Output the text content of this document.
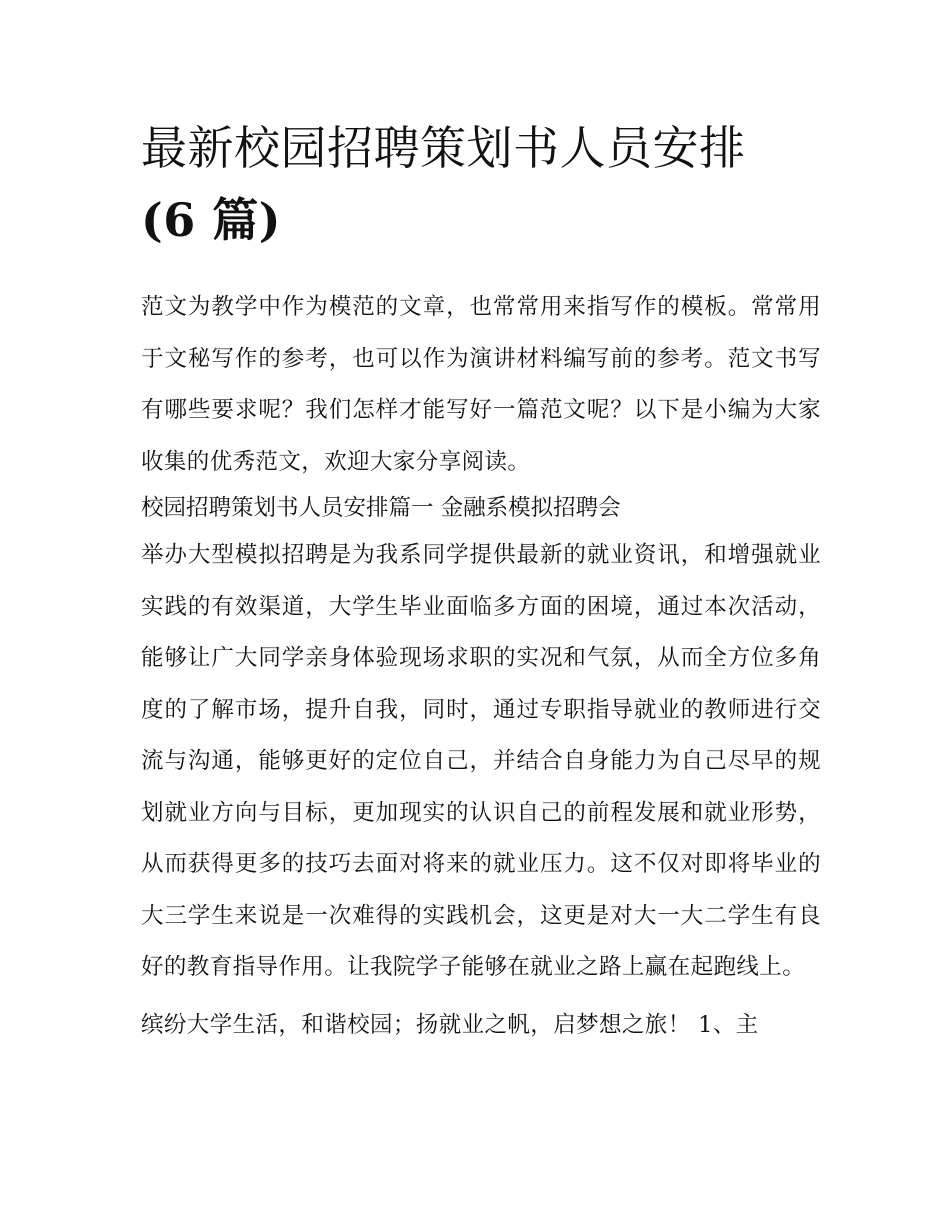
最新校园招聘策划书人员安排
(6 篇)

范文为教学中作为模范的文章，也常常用来指写作的模板。常常用于文秘写作的参考，也可以作为演讲材料编写前的参考。范文书写有哪些要求呢？我们怎样才能写好一篇范文呢？以下是小编为大家收集的优秀范文，欢迎大家分享阅读。

校园招聘策划书人员安排篇一 金融系模拟招聘会

举办大型模拟招聘是为我系同学提供最新的就业资讯，和增强就业实践的有效渠道，大学生毕业面临多方面的困境，通过本次活动，能够让广大同学亲身体验现场求职的实况和气氛，从而全方位多角度的了解市场，提升自我，同时，通过专职指导就业的教师进行交流与沟通，能够更好的定位自己，并结合自身能力为自己尽早的规划就业方向与目标，更加现实的认识自己的前程发展和就业形势，从而获得更多的技巧去面对将来的就业压力。这不仅对即将毕业的大三学生来说是一次难得的实践机会，这更是对大一大二学生有良好的教育指导作用。让我院学子能够在就业之路上赢在起跑线上。

缤纷大学生活，和谐校园；扬就业之帆，启梦想之旅！ 1、主
